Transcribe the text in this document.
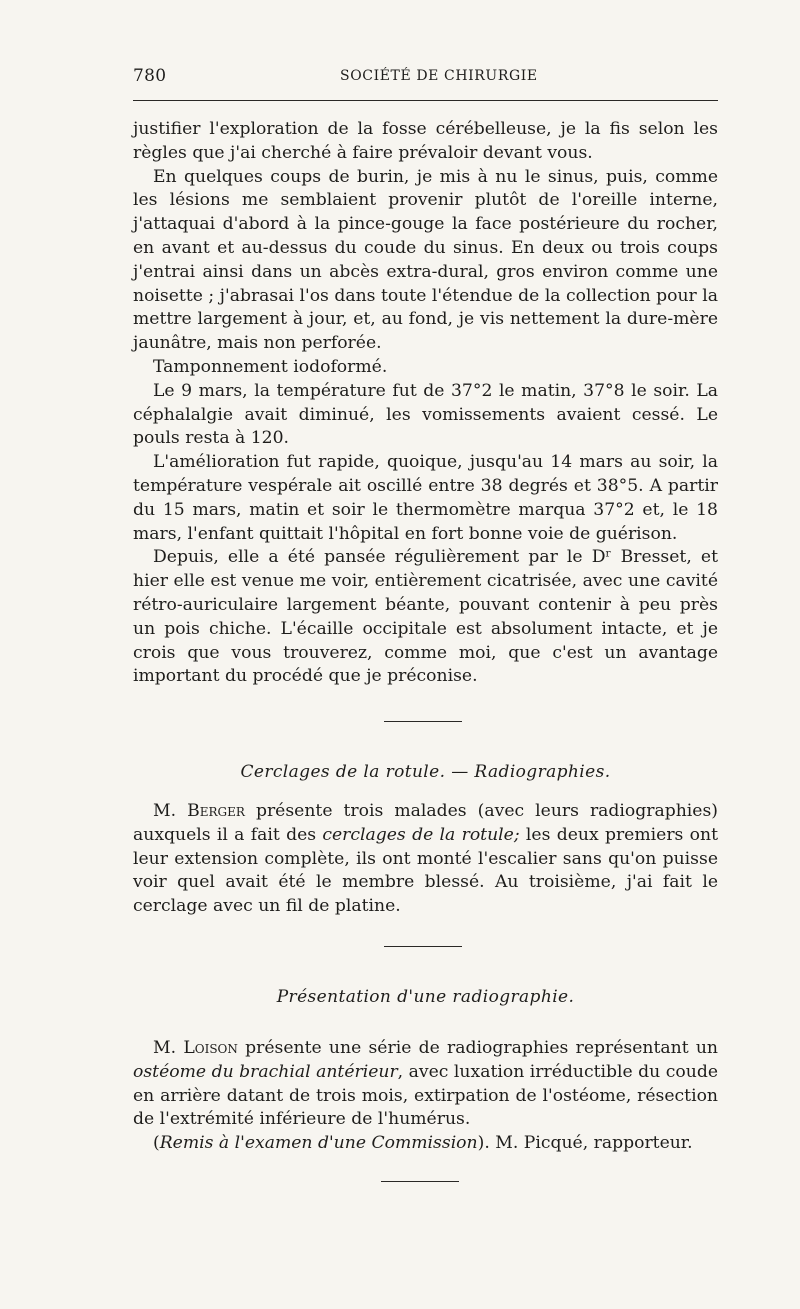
780	SOCIÉTÉ DE CHIRURGIE

justifier l'exploration de la fosse cérébelleuse, je la fis selon les règles que j'ai cherché à faire prévaloir devant vous.

En quelques coups de burin, je mis à nu le sinus, puis, comme les lésions me semblaient provenir plutôt de l'oreille interne, j'attaquai d'abord à la pince-gouge la face postérieure du rocher, en avant et au-dessus du coude du sinus. En deux ou trois coups j'entrai ainsi dans un abcès extra-dural, gros environ comme une noisette ; j'abrasai l'os dans toute l'étendue de la collection pour la mettre largement à jour, et, au fond, je vis nettement la dure-mère jaunâtre, mais non perforée.

Tamponnement iodoformé.

Le 9 mars, la température fut de 37°2 le matin, 37°8 le soir. La céphalalgie avait diminué, les vomissements avaient cessé. Le pouls resta à 120.

L'amélioration fut rapide, quoique, jusqu'au 14 mars au soir, la température vespérale ait oscillé entre 38 degrés et 38°5. A partir du 15 mars, matin et soir le thermomètre marqua 37°2 et, le 18 mars, l'enfant quittait l'hôpital en fort bonne voie de guérison.

Depuis, elle a été pansée régulièrement par le Dʳ Bresset, et hier elle est venue me voir, entièrement cicatrisée, avec une cavité rétro-auriculaire largement béante, pouvant contenir à peu près un pois chiche. L'écaille occipitale est absolument intacte, et je crois que vous trouverez, comme moi, que c'est un avantage important du procédé que je préconise.

Cerclages de la rotule. — Radiographies.

M. Berger présente trois malades (avec leurs radiographies) auxquels il a fait des cerclages de la rotule; les deux premiers ont leur extension complète, ils ont monté l'escalier sans qu'on puisse voir quel avait été le membre blessé. Au troisième, j'ai fait le cerclage avec un fil de platine.

Présentation d'une radiographie.

M. Loison présente une série de radiographies représentant un ostéome du brachial antérieur, avec luxation irréductible du coude en arrière datant de trois mois, extirpation de l'ostéome, résection de l'extrémité inférieure de l'humérus.

(Remis à l'examen d'une Commission). M. Picqué, rapporteur.
